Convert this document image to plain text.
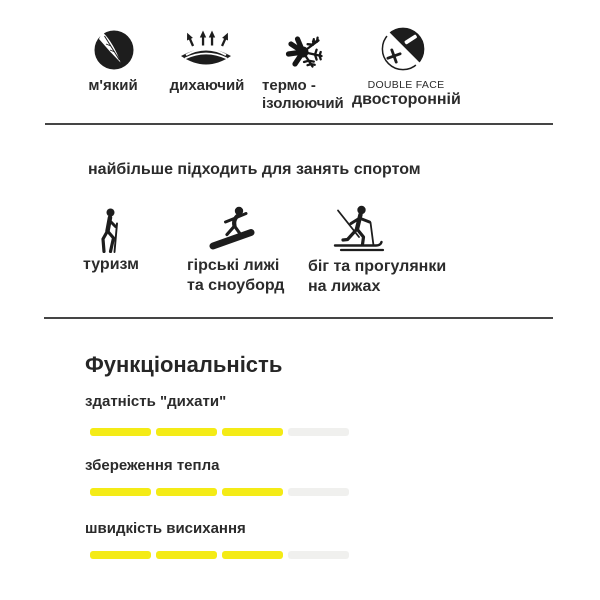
м'який	дихаючий	термо -
ізолюючий
DOUBLE FACE
двосторонній
найбільше підходить для занять спортом
туризм	гірські лижі
та сноуборд
біг та прогулянки
на лижах
Функціональність
здатність "дихати"
збереження тепла
швидкість висихання
